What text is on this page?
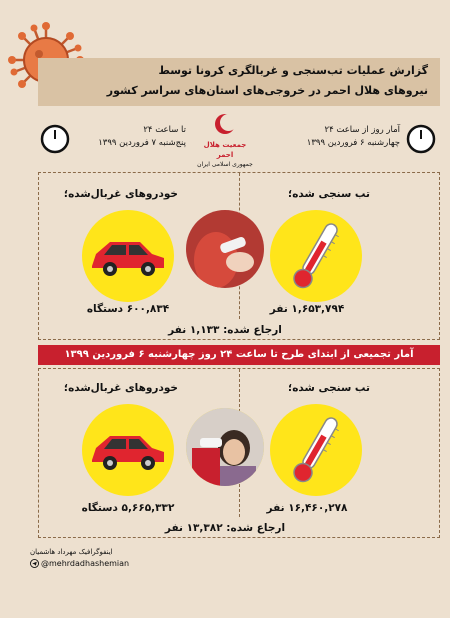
گزارش عملیات تب‌سنجی و غربالگری کرونا توسط
نیروهای هلال احمر در خروجی‌های استان‌های سراسر کشور
تا ساعت ۲۴
پنج‌شنبه ۷ فروردین ۱۳۹۹	جمعیت هلال احمر
جمهوری اسلامی ایران
آمار روز از ساعت ۲۴
چهارشنبه ۶ فروردین ۱۳۹۹
تب سنجی شده؛
۱,۶۵۳,۷۹۴ نفر
خودروهای غربال‌شده؛
۶۰۰,۸۳۴ دستگاه
ارجاع شده: ۱,۱۳۳ نفر
آمار تجمیعی از ابتدای طرح تا ساعت ۲۴ روز چهارشنبه ۶ فروردین ۱۳۹۹
تب سنجی شده؛
۱۶,۴۶۰,۲۷۸ نفر
خودروهای غربال‌شده؛
۵,۶۶۵,۳۳۲ دستگاه
ارجاع شده: ۱۳,۳۸۲ نفر
اینفوگرافیک مهرداد هاشمیان
@mehrdadhashemian
